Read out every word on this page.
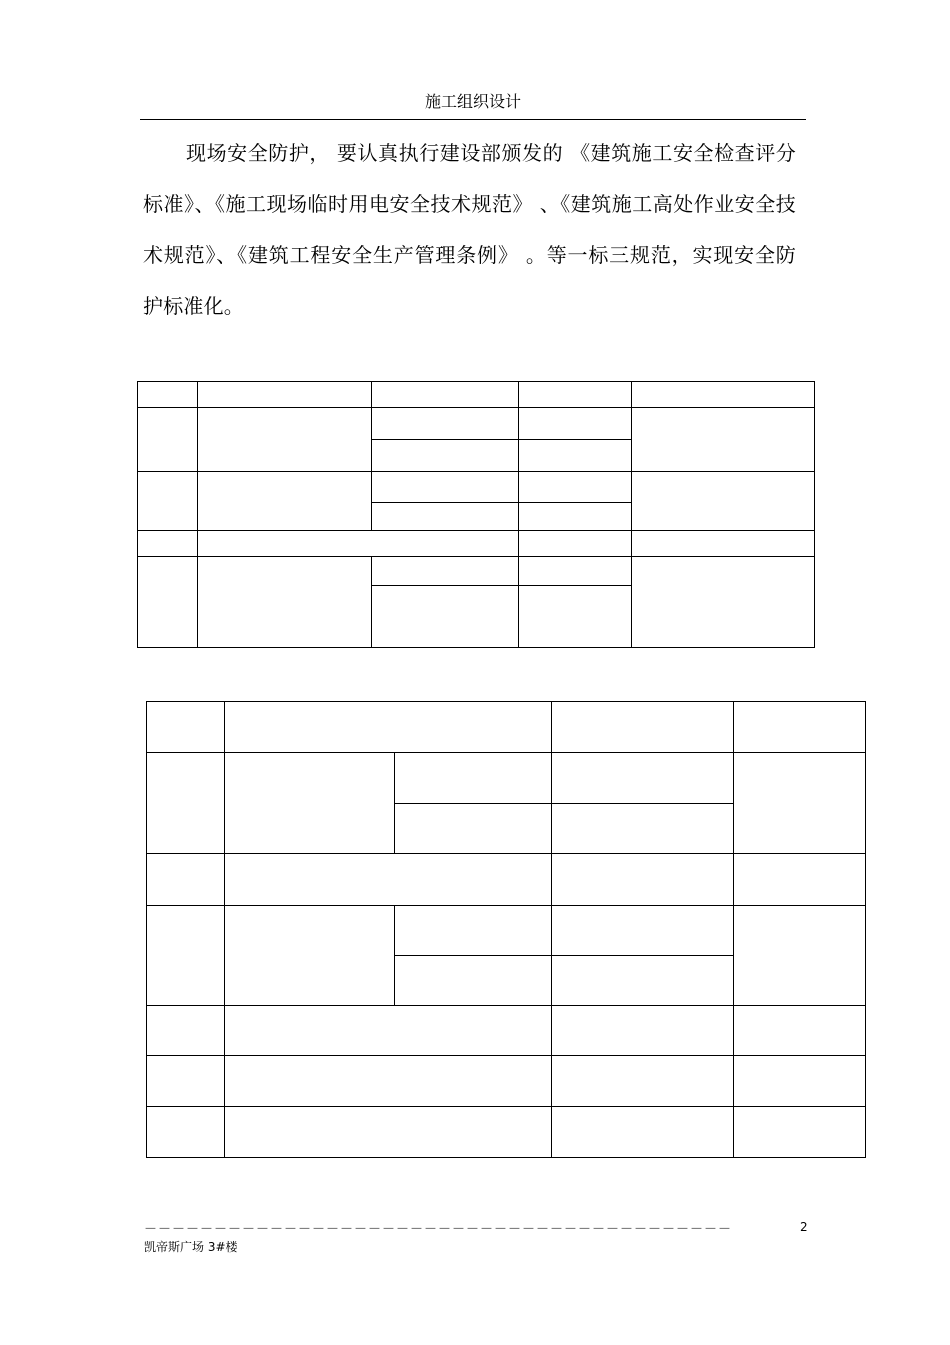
施工组织设计

现场安全防护， 要认真执行建设部颁发的 《建筑施工安全检查评分标准》、《施工现场临时用电安全技术规范》 、《建筑施工高处作业安全技术规范》、《建筑工程安全生产管理条例》 。等一标三规范，实现安全防护标准化。

－－－－－－－－－－－－－－－－－－－－－－－－－－－－－－－－－－－－－－－－－－	2
凯帝斯广场 3#楼
